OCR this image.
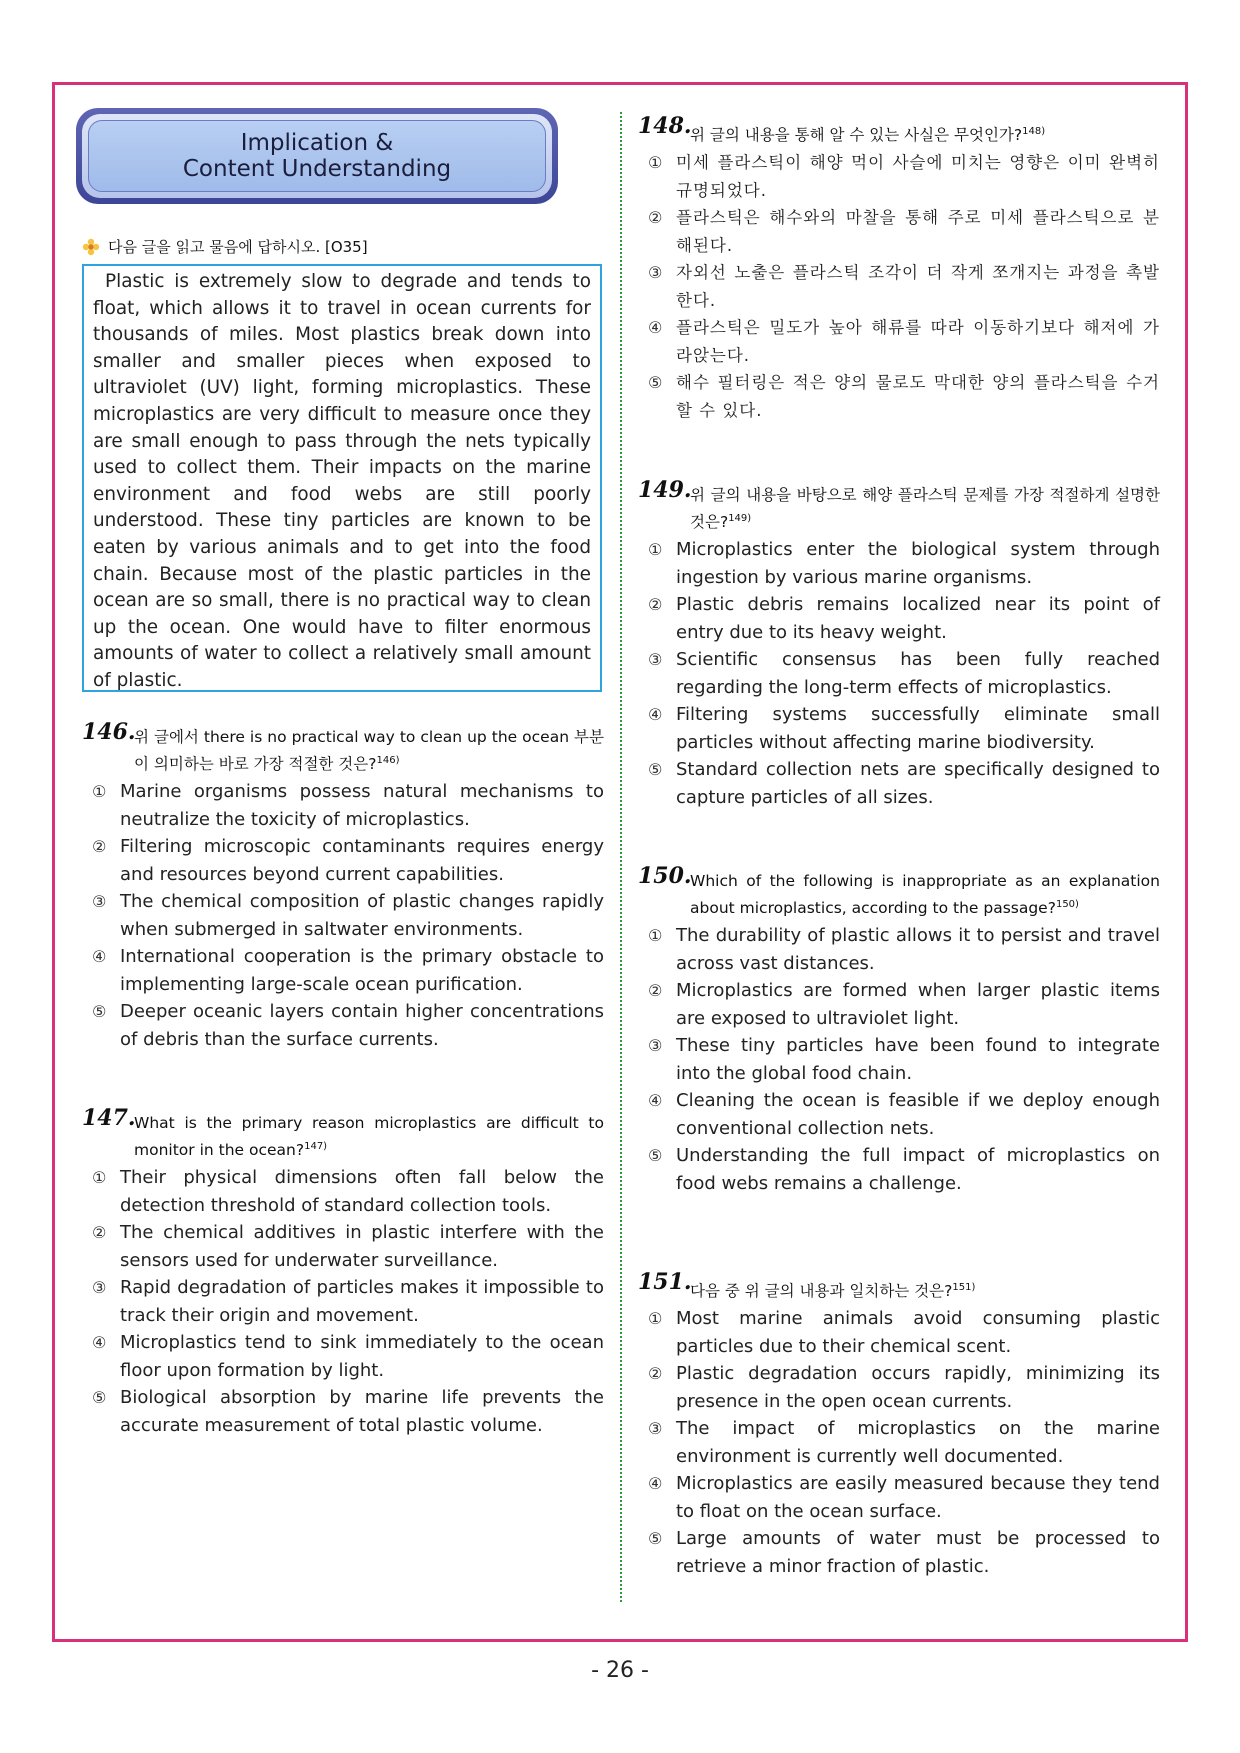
Implication &
Content Understanding
다음 글을 읽고 물음에 답하시오. [O35]
Plastic is extremely slow to degrade and tends to float, which allows it to travel in ocean currents for thousands of miles. Most plastics break down into smaller and smaller pieces when exposed to ultraviolet (UV) light, forming microplastics. These microplastics are very difficult to measure once they are small enough to pass through the nets typically used to collect them. Their impacts on the marine environment and food webs are still poorly understood. These tiny particles are known to be eaten by various animals and to get into the food chain. Because most of the plastic particles in the ocean are so small, there is no practical way to clean up the ocean. One would have to filter enormous amounts of water to collect a relatively small amount of plastic.
146.
위 글에서 there is no practical way to clean up the ocean 부분이 의미하는 바로 가장 적절한 것은?$^{146)}$
① Marine organisms possess natural mechanisms to neutralize the toxicity of microplastics.
② Filtering microscopic contaminants requires energy and resources beyond current capabilities.
③ The chemical composition of plastic changes rapidly when submerged in saltwater environments.
④ International cooperation is the primary obstacle to implementing large-scale ocean purification.
⑤ Deeper oceanic layers contain higher concentrations of debris than the surface currents.
147.
What is the primary reason microplastics are difficult to monitor in the ocean?$^{147)}$
① Their physical dimensions often fall below the detection threshold of standard collection tools.
② The chemical additives in plastic interfere with the sensors used for underwater surveillance.
③ Rapid degradation of particles makes it impossible to track their origin and movement.
④ Microplastics tend to sink immediately to the ocean floor upon formation by light.
⑤ Biological absorption by marine life prevents the accurate measurement of total plastic volume.
148.
위 글의 내용을 통해 알 수 있는 사실은 무엇인가?$^{148)}$
① 미세 플라스틱이 해양 먹이 사슬에 미치는 영향은 이미 완벽히 규명되었다.
② 플라스틱은 해수와의 마찰을 통해 주로 미세 플라스틱으로 분해된다.
③ 자외선 노출은 플라스틱 조각이 더 작게 쪼개지는 과정을 촉발한다.
④ 플라스틱은 밀도가 높아 해류를 따라 이동하기보다 해저에 가라앉는다.
⑤ 해수 필터링은 적은 양의 물로도 막대한 양의 플라스틱을 수거할 수 있다.
149.
위 글의 내용을 바탕으로 해양 플라스틱 문제를 가장 적절하게 설명한 것은?$^{149)}$
① Microplastics enter the biological system through ingestion by various marine organisms.
② Plastic debris remains localized near its point of entry due to its heavy weight.
③ Scientific consensus has been fully reached regarding the long-term effects of microplastics.
④ Filtering systems successfully eliminate small particles without affecting marine biodiversity.
⑤ Standard collection nets are specifically designed to capture particles of all sizes.
150.
Which of the following is inappropriate as an explanation about microplastics, according to the passage?$^{150)}$
① The durability of plastic allows it to persist and travel across vast distances.
② Microplastics are formed when larger plastic items are exposed to ultraviolet light.
③ These tiny particles have been found to integrate into the global food chain.
④ Cleaning the ocean is feasible if we deploy enough conventional collection nets.
⑤ Understanding the full impact of microplastics on food webs remains a challenge.
151.
다음 중 위 글의 내용과 일치하는 것은?$^{151)}$
① Most marine animals avoid consuming plastic particles due to their chemical scent.
② Plastic degradation occurs rapidly, minimizing its presence in the open ocean currents.
③ The impact of microplastics on the marine environment is currently well documented.
④ Microplastics are easily measured because they tend to float on the ocean surface.
⑤ Large amounts of water must be processed to retrieve a minor fraction of plastic.
- 26 -
